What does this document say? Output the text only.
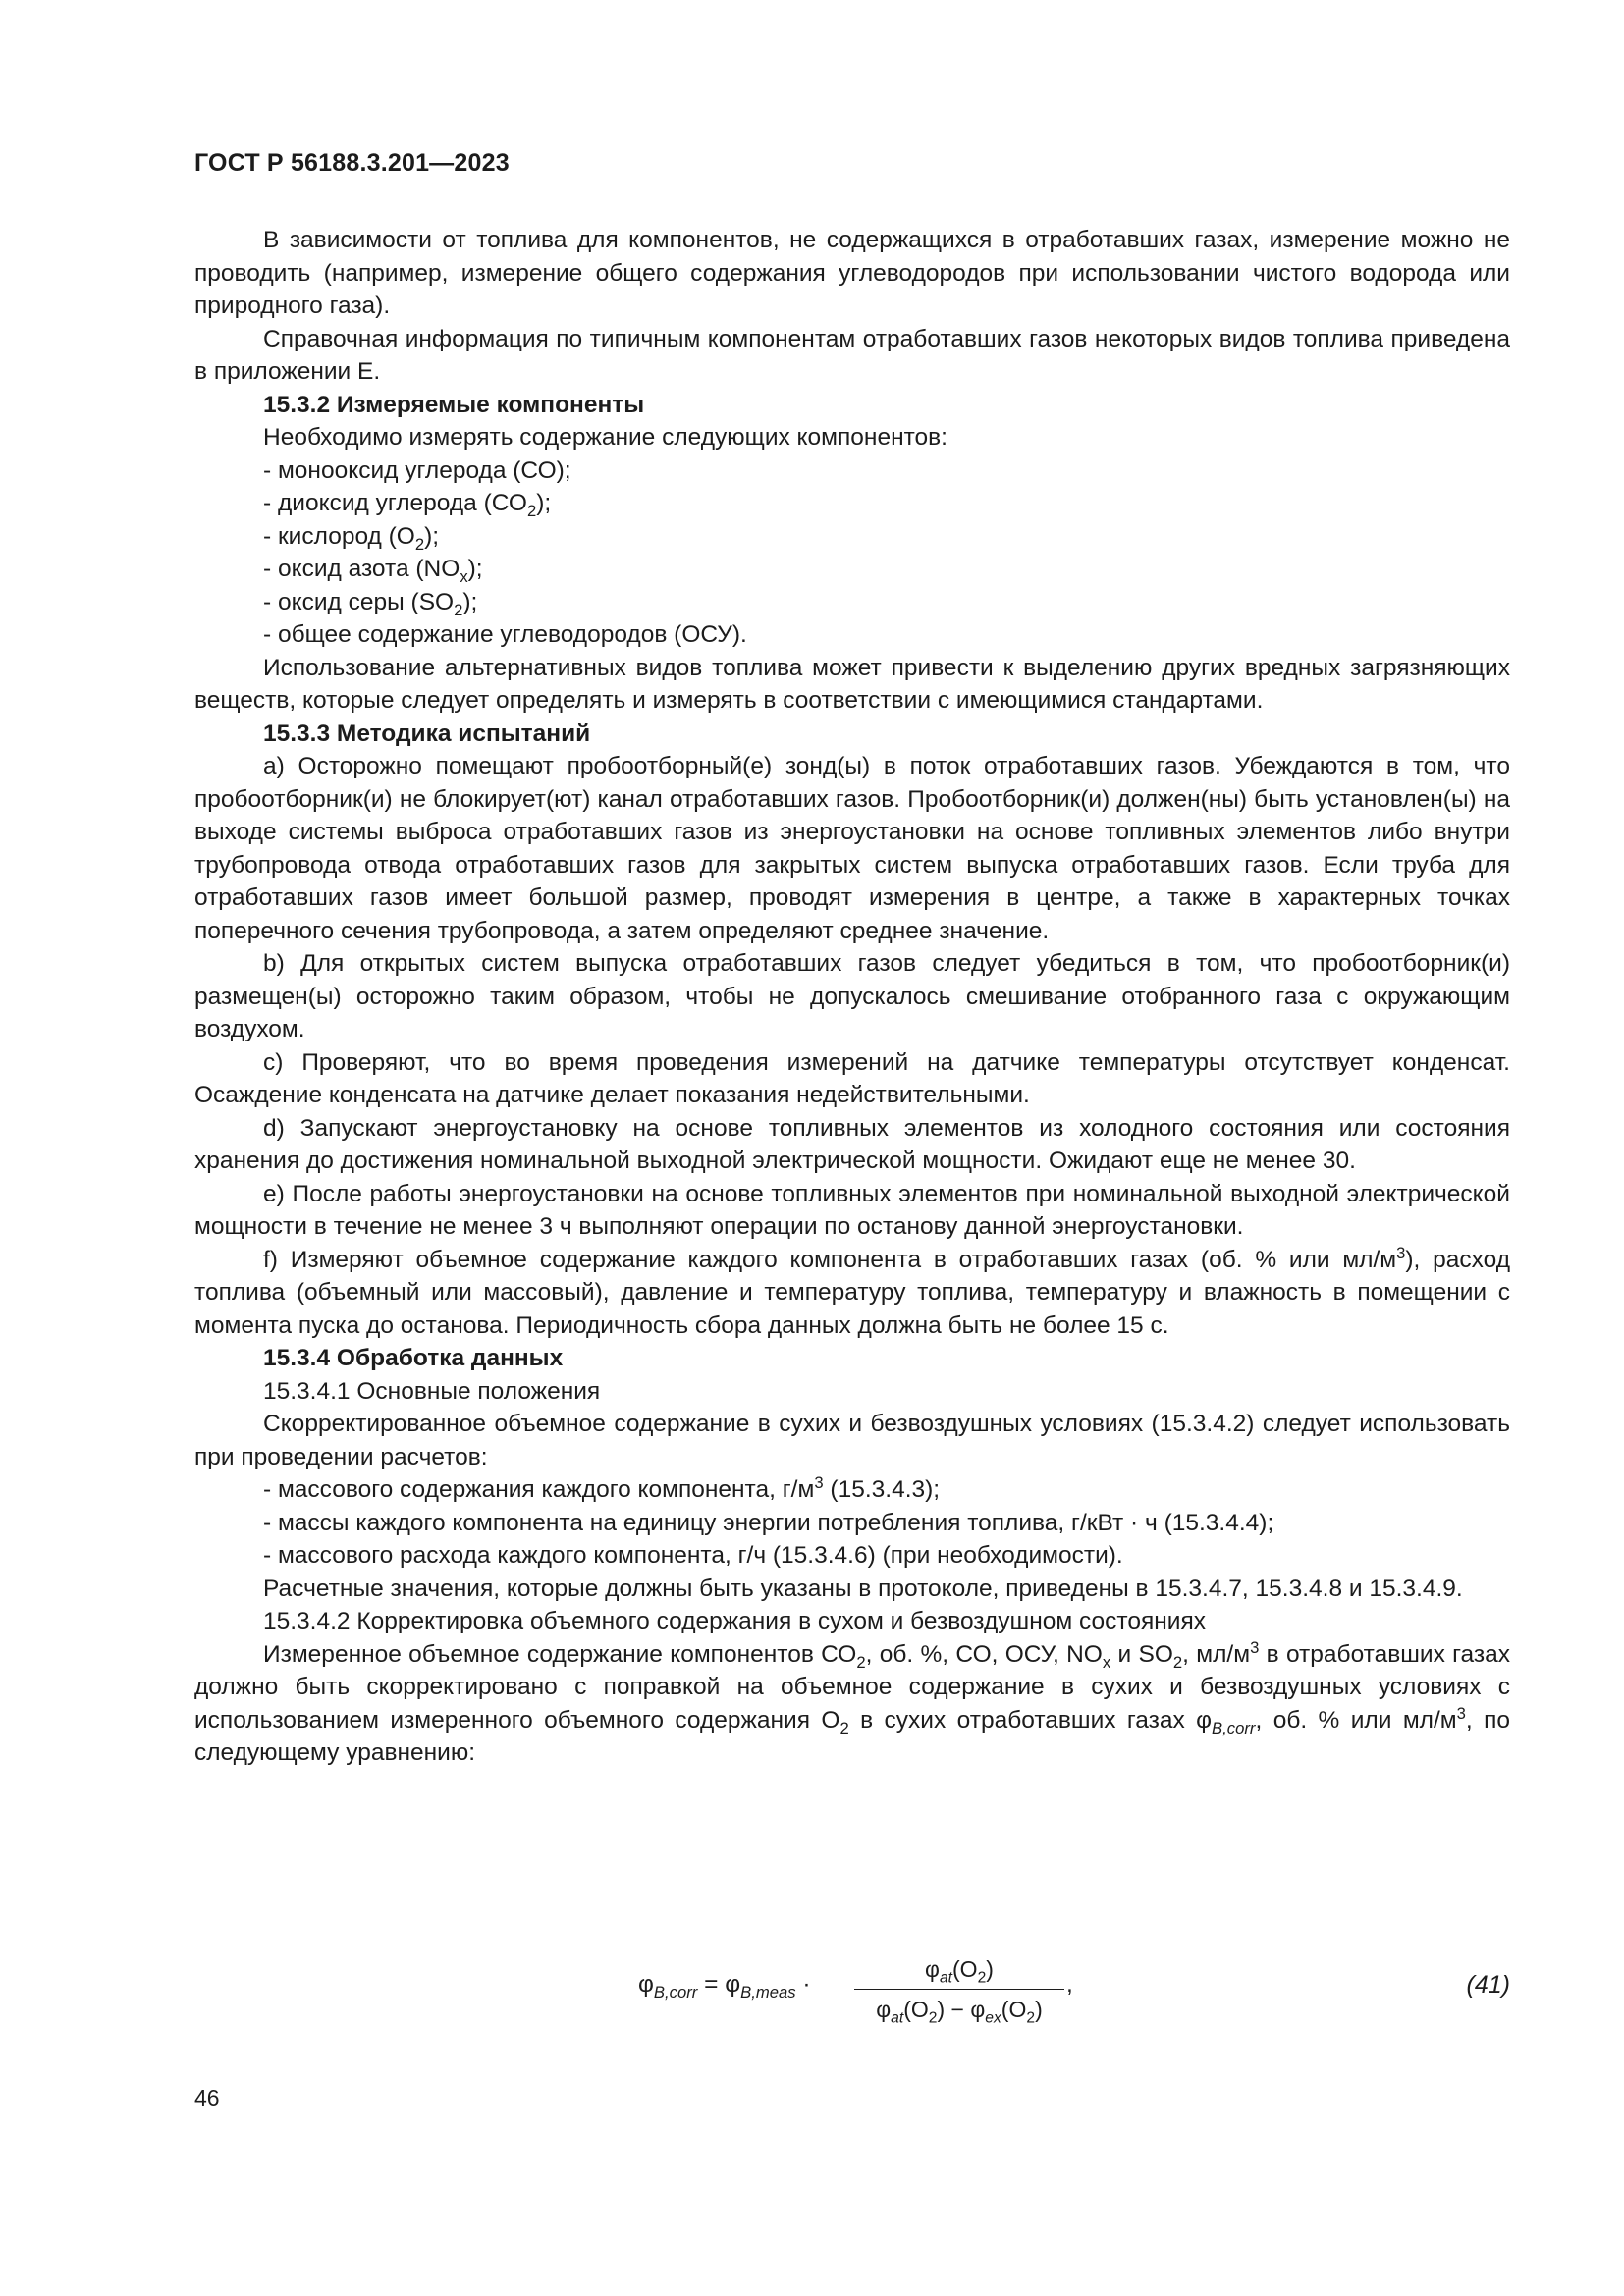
ГОСТ Р 56188.3.201—2023

В зависимости от топлива для компонентов, не содержащихся в отработавших газах, измерение можно не проводить (например, измерение общего содержания углеводородов при использовании чистого водорода или природного газа).

Справочная информация по типичным компонентам отработавших газов некоторых видов топлива приведена в приложении Е.

15.3.2 Измеряемые компоненты

Необходимо измерять содержание следующих компонентов:

- монооксид углерода (СО);

- диоксид углерода $(СО_2)$;

- кислород $(О_2)$;

- оксид азота $(NO_x)$;

- оксид серы $(SO_2)$;

- общее содержание углеводородов (ОСУ).

Использование альтернативных видов топлива может привести к выделению других вредных загрязняющих веществ, которые следует определять и измерять в соответствии с имеющимися стандартами.

15.3.3 Методика испытаний

a) Осторожно помещают пробоотборный(е) зонд(ы) в поток отработавших газов. Убеждаются в том, что пробоотборник(и) не блокирует(ют) канал отработавших газов. Пробоотборник(и) должен(ны) быть установлен(ы) на выходе системы выброса отработавших газов из энергоустановки на основе топливных элементов либо внутри трубопровода отвода отработавших газов для закрытых систем выпуска отработавших газов. Если труба для отработавших газов имеет большой размер, проводят измерения в центре, а также в характерных точках поперечного сечения трубопровода, а затем определяют среднее значение.

b) Для открытых систем выпуска отработавших газов следует убедиться в том, что пробоотборник(и) размещен(ы) осторожно таким образом, чтобы не допускалось смешивание отобранного газа с окружающим воздухом.

c) Проверяют, что во время проведения измерений на датчике температуры отсутствует конденсат. Осаждение конденсата на датчике делает показания недействительными.

d) Запускают энергоустановку на основе топливных элементов из холодного состояния или состояния хранения до достижения номинальной выходной электрической мощности. Ожидают еще не менее 30.

e) После работы энергоустановки на основе топливных элементов при номинальной выходной электрической мощности в течение не менее 3 ч выполняют операции по останову данной энергоустановки.

f) Измеряют объемное содержание каждого компонента в отработавших газах (об. % или $мл/м^3$), расход топлива (объемный или массовый), давление и температуру топлива, температуру и влажность в помещении с момента пуска до останова. Периодичность сбора данных должна быть не более 15 с.

15.3.4 Обработка данных

15.3.4.1 Основные положения

Скорректированное объемное содержание в сухих и безвоздушных условиях (15.3.4.2) следует использовать при проведении расчетов:

- массового содержания каждого компонента, $г/м^3$ (15.3.4.3);

- массы каждого компонента на единицу энергии потребления топлива, г/кВт · ч (15.3.4.4);

- массового расхода каждого компонента, г/ч (15.3.4.6) (при необходимости).

Расчетные значения, которые должны быть указаны в протоколе, приведены в 15.3.4.7, 15.3.4.8 и 15.3.4.9.

15.3.4.2 Корректировка объемного содержания в сухом и безвоздушном состояниях

Измеренное объемное содержание компонентов $СО_2$, об. %, СО, ОСУ, $NO_x$ и $SO_2$, $мл/м^3$ в отработавших газах должно быть скорректировано с поправкой на объемное содержание в сухих и безвоздушных условиях с использованием измеренного объемного содержания $О_2$ в сухих отработавших газах $\varphi_{B,corr}$, об. % или $мл/м^3$, по следующему уравнению:

$\varphi_{B,corr} = \varphi_{B,meas}$ ·
$\varphi_{at}(O_2)$
$\varphi_{at}(O_2) - \varphi_{ex}(O_2)$
,	(41)
46
